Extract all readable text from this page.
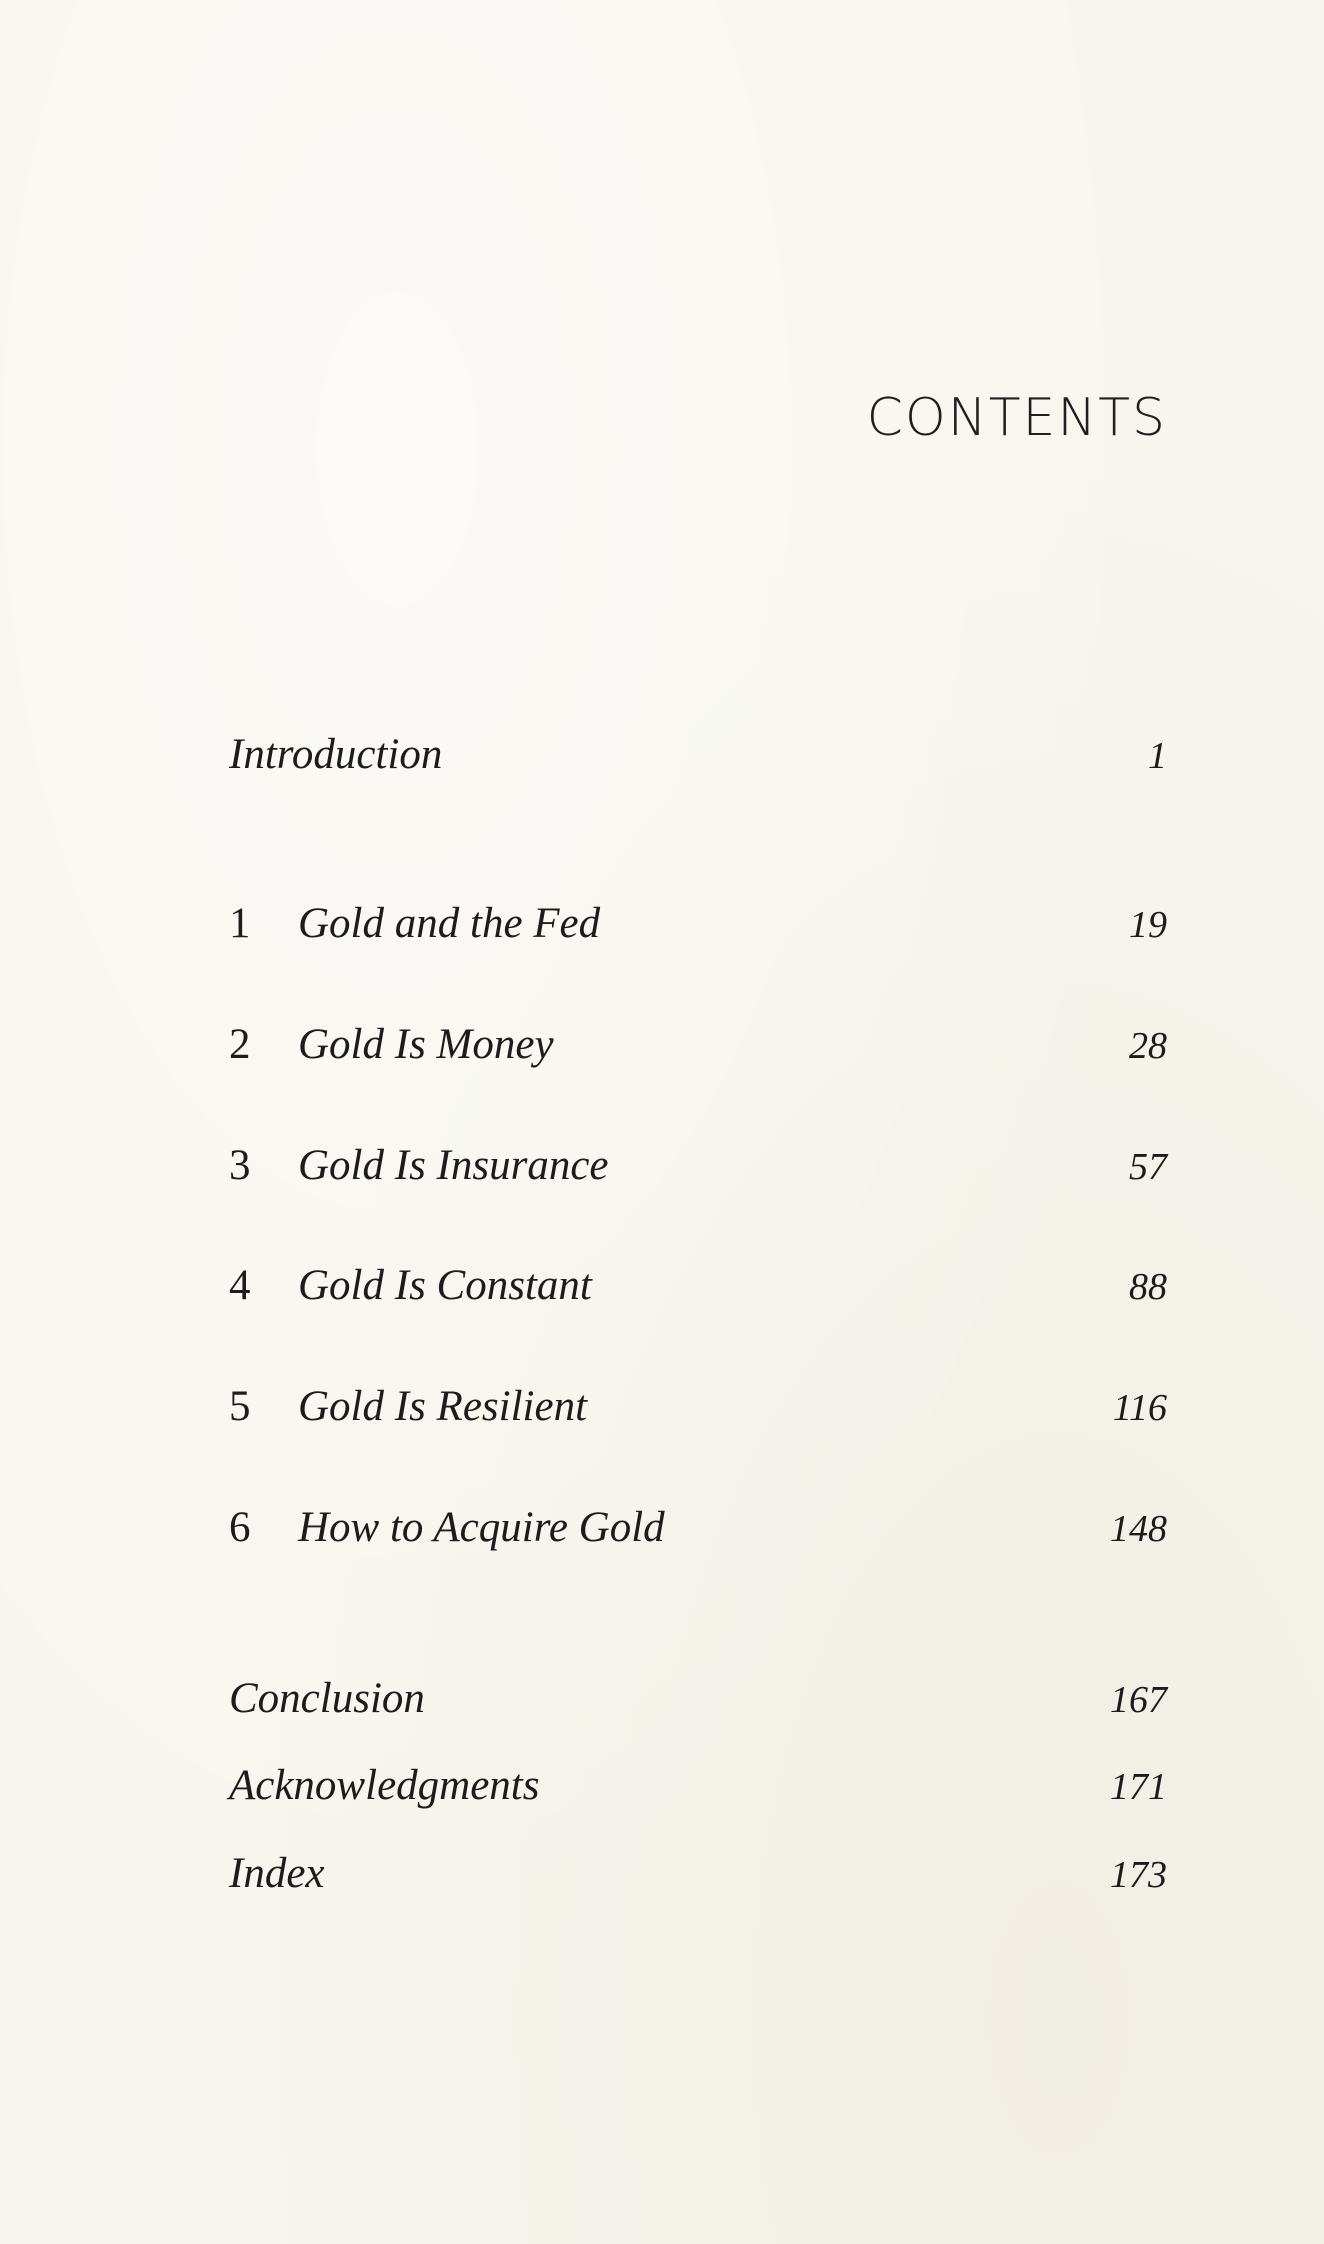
CONTENTS
Introduction	1
1	Gold and the Fed	19
2	Gold Is Money	28
3	Gold Is Insurance	57
4	Gold Is Constant	88
5	Gold Is Resilient	116
6	How to Acquire Gold	148
Conclusion	167
Acknowledgments	171
Index	173
